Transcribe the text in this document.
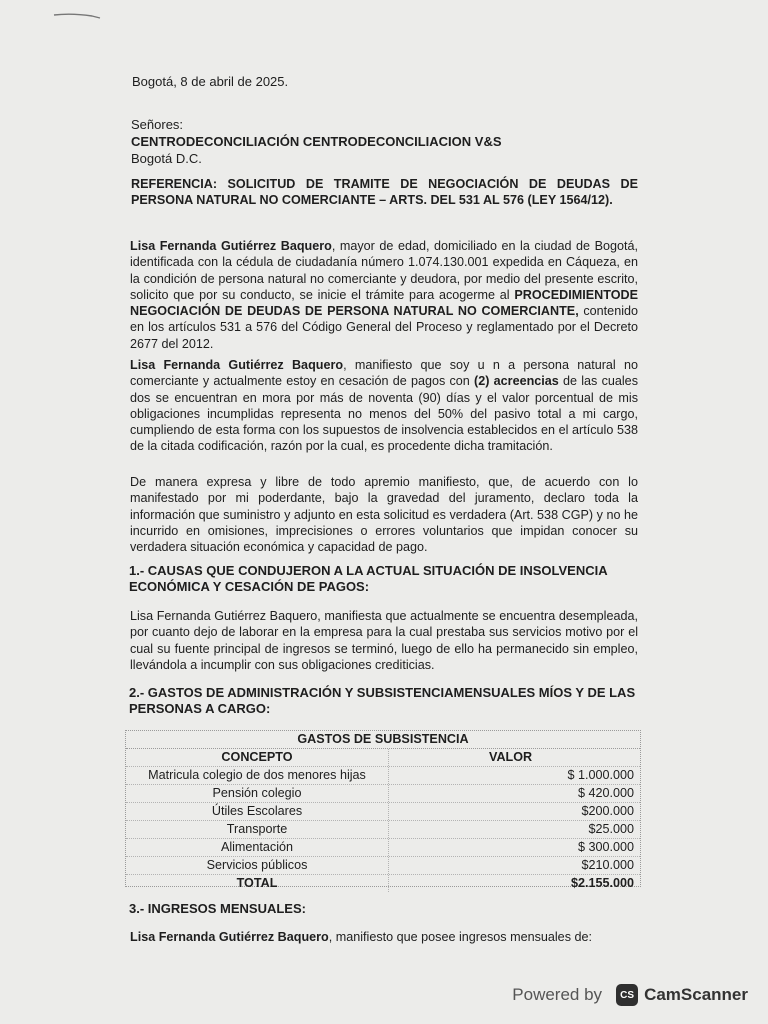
Bogotá, 8 de abril de 2025.
Señores:
CENTRODECONCILIACIÓN CENTRODECONCILIACION V&S
Bogotá D.C.
REFERENCIA: SOLICITUD DE TRAMITE DE NEGOCIACIÓN DE DEUDAS DE PERSONA NATURAL NO COMERCIANTE – ARTS. DEL 531 AL 576 (LEY 1564/12).
Lisa Fernanda Gutiérrez Baquero, mayor de edad, domiciliado en la ciudad de Bogotá, identificada con la cédula de ciudadanía número 1.074.130.001 expedida en Cáqueza, en la condición de persona natural no comerciante y deudora, por medio del presente escrito, solicito que por su conducto, se inicie el trámite para acogerme al PROCEDIMIENTODE NEGOCIACIÓN DE DEUDAS DE PERSONA NATURAL NO COMERCIANTE, contenido en los artículos 531 a 576 del Código General del Proceso y reglamentado por el Decreto 2677 del 2012.
Lisa Fernanda Gutiérrez Baquero, manifiesto que soy u n a persona natural no comerciante y actualmente estoy en cesación de pagos con (2) acreencias de las cuales dos se encuentran en mora por más de noventa (90) días y el valor porcentual de mis obligaciones incumplidas representa no menos del 50% del pasivo total a mi cargo, cumpliendo de esta forma con los supuestos de insolvencia establecidos en el artículo 538 de la citada codificación, razón por la cual, es procedente dicha tramitación.
De manera expresa y libre de todo apremio manifiesto, que, de acuerdo con lo manifestado por mi poderdante, bajo la gravedad del juramento, declaro toda la información que suministro y adjunto en esta solicitud es verdadera (Art. 538 CGP) y no he incurrido en omisiones, imprecisiones o errores voluntarios que impidan conocer su verdadera situación económica y capacidad de pago.
1.- CAUSAS QUE CONDUJERON A LA ACTUAL SITUACIÓN DE INSOLVENCIA ECONÓMICA Y CESACIÓN DE PAGOS:
Lisa Fernanda Gutiérrez Baquero, manifiesta que actualmente se encuentra desempleada, por cuanto dejo de laborar en la empresa para la cual prestaba sus servicios motivo por el cual su fuente principal de ingresos se terminó, luego de ello ha permanecido sin empleo, llevándola a incumplir con sus obligaciones crediticias.
2.- GASTOS DE ADMINISTRACIÓN Y SUBSISTENCIAMENSUALES MÍOS Y DE LAS PERSONAS A CARGO:
GASTOS DE SUBSISTENCIA
CONCEPTO	VALOR
Matricula colegio de dos menores hijas	$ 1.000.000
Pensión colegio	$ 420.000
Útiles Escolares	$200.000
Transporte	$25.000
Alimentación	$ 300.000
Servicios públicos	$210.000
TOTAL	$2.155.000
3.- INGRESOS MENSUALES:
Lisa Fernanda Gutiérrez Baquero, manifiesto que posee ingresos mensuales de:
Powered by	CS CamScanner
